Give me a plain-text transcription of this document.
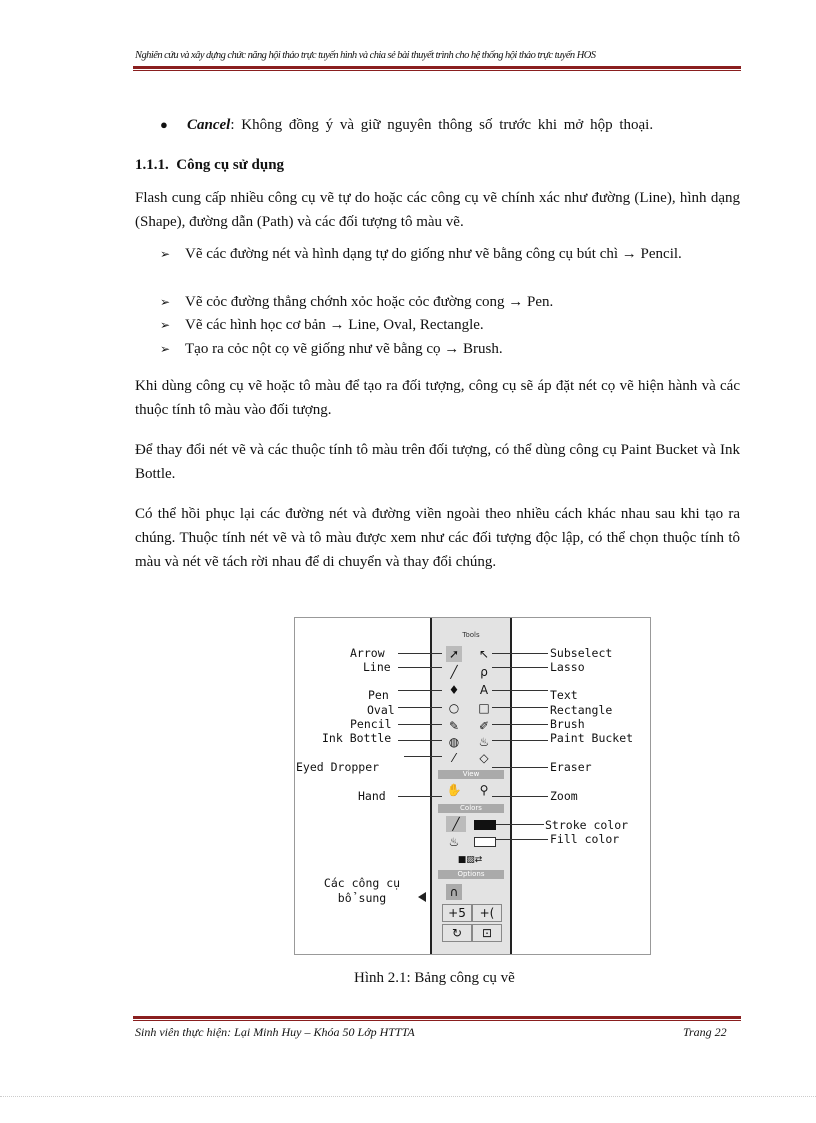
Nghiên cứu và xây dựng chức năng hội thảo trực tuyến hình và chia sẻ bài thuyết trình cho hệ thống hội thảo trực tuyến HOS
● Cancel: Không đồng ý và giữ nguyên thông số trước khi mở hộp thoại.
1.1.1. Công cụ sử dụng
Flash cung cấp nhiều công cụ vẽ tự do hoặc các công cụ vẽ chính xác như đường (Line), hình dạng (Shape), đường dẫn (Path) và các đối tượng tô màu vẽ.
➢ Vẽ các đường nét và hình dạng tự do giống như vẽ bằng công cụ bút chì → Pencil.
➢ Vẽ cỏc đường thẳng chớnh xỏc hoặc cỏc đường cong → Pen.
➢ Vẽ các hình học cơ bản → Line, Oval, Rectangle.
➢ Tạo ra cỏc nột cọ vẽ giống như vẽ bằng cọ → Brush.
Khi dùng công cụ vẽ hoặc tô màu để tạo ra đối tượng, công cụ sẽ áp đặt nét cọ vẽ hiện hành và các thuộc tính tô màu vào đối tượng.
Để thay đổi nét vẽ và các thuộc tính tô màu trên đối tượng, có thể dùng công cụ Paint Bucket và Ink Bottle.
Có thể hồi phục lại các đường nét và đường viền ngoài theo nhiều cách khác nhau sau khi tạo ra chúng. Thuộc tính nét vẽ và tô màu được xem như các đối tượng độc lập, có thể chọn thuộc tính tô màu và nét vẽ tách rời nhau để di chuyển và thay đổi chúng.
Tools
➚ ↖
╱	ρ
♦	A
○ □
✎ ✐
◍ ♨
⁄	◇
View
✋ ⚲
Colors
╱
♨
■▨⇄
Options
∩
+5	+(
↻	⊡
Arrow
Line
Pen
Oval
Pencil
Ink Bottle
Eyed Dropper
Hand
Các công cụ bổ sung
Subselect
Lasso
Text
Rectangle
Brush
Paint Bucket
Eraser
Zoom
Stroke color
Fill color
Hình 2.1: Bảng công cụ vẽ
Sinh viên thực hiện: Lại Minh Huy – Khóa 50 Lớp HTTTA	Trang 22
